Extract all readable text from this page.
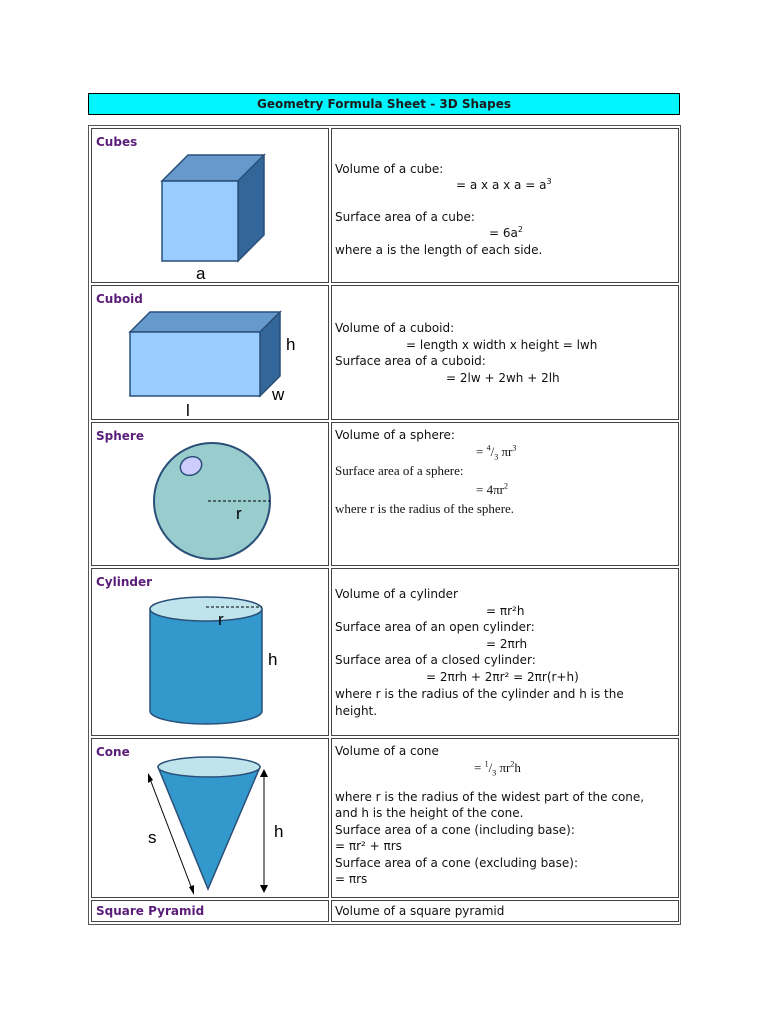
Geometry Formula Sheet - 3D Shapes
Cubes
a
Volume of a cube:
= a x a x $a = a^3$
Surface area of a cube:
= $6a^2$
where a is the length of each side.
Cuboid
h
w
l
Volume of a cuboid:
= length x width x height = lwh
Surface area of a cuboid:
= 2lw + 2wh + 2lh
Sphere
r
Volume of a sphere:
= $^4/_3$ $\pi r^3$
Surface area of a sphere:
= $4\pi r^2$
where r is the radius of the sphere.
Cylinder
r
h
Volume of a cylinder
= πr²h
Surface area of an open cylinder:
= 2πrh
Surface area of a closed cylinder:
= 2πrh + 2πr² = 2πr(r+h)
where r is the radius of the cylinder and h is the
height.
Cone
s	h
Volume of a cone
= $^1/_3$ $\pi r^2h$
where r is the radius of the widest part of the cone,
and h is the height of the cone.
Surface area of a cone (including base):
= πr² + πrs
Surface area of a cone (excluding base):
= πrs
Square Pyramid	Volume of a square pyramid
